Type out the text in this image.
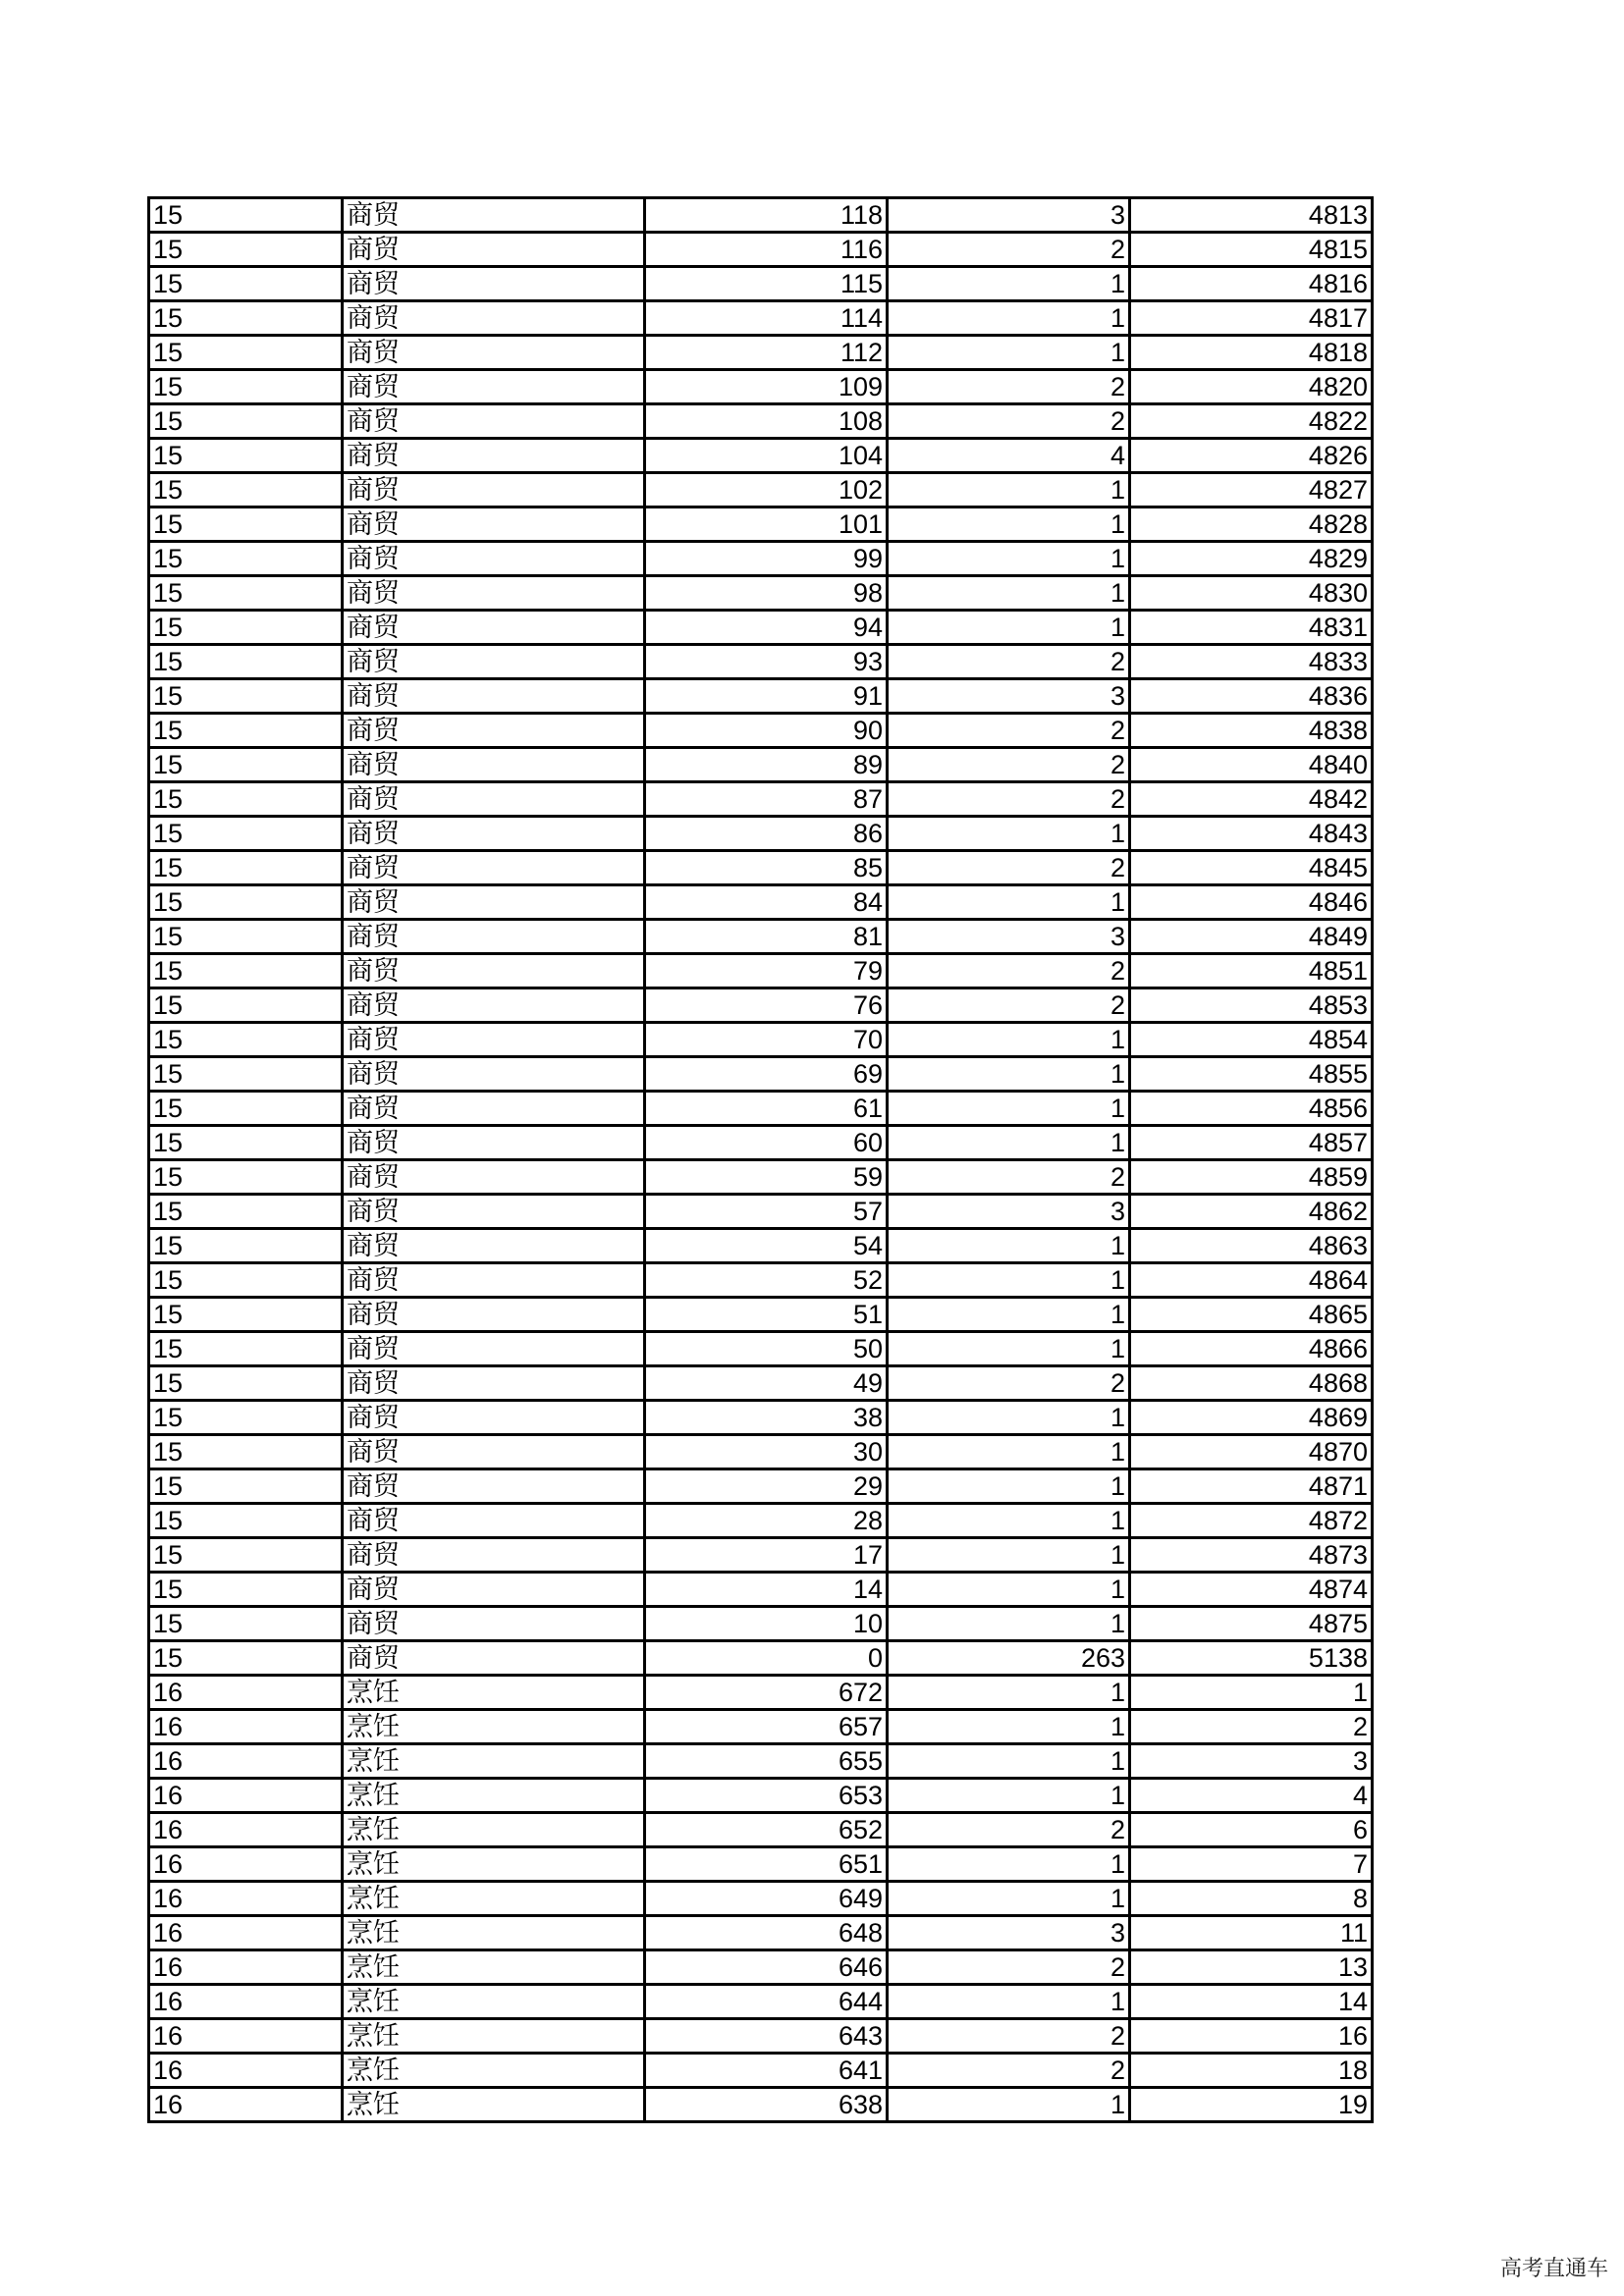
15	商贸	118	3	4813
15	商贸	116	2	4815
15	商贸	115	1	4816
15	商贸	114	1	4817
15	商贸	112	1	4818
15	商贸	109	2	4820
15	商贸	108	2	4822
15	商贸	104	4	4826
15	商贸	102	1	4827
15	商贸	101	1	4828
15	商贸	99	1	4829
15	商贸	98	1	4830
15	商贸	94	1	4831
15	商贸	93	2	4833
15	商贸	91	3	4836
15	商贸	90	2	4838
15	商贸	89	2	4840
15	商贸	87	2	4842
15	商贸	86	1	4843
15	商贸	85	2	4845
15	商贸	84	1	4846
15	商贸	81	3	4849
15	商贸	79	2	4851
15	商贸	76	2	4853
15	商贸	70	1	4854
15	商贸	69	1	4855
15	商贸	61	1	4856
15	商贸	60	1	4857
15	商贸	59	2	4859
15	商贸	57	3	4862
15	商贸	54	1	4863
15	商贸	52	1	4864
15	商贸	51	1	4865
15	商贸	50	1	4866
15	商贸	49	2	4868
15	商贸	38	1	4869
15	商贸	30	1	4870
15	商贸	29	1	4871
15	商贸	28	1	4872
15	商贸	17	1	4873
15	商贸	14	1	4874
15	商贸	10	1	4875
15	商贸	0	263	5138
16	烹饪	672	1	1
16	烹饪	657	1	2
16	烹饪	655	1	3
16	烹饪	653	1	4
16	烹饪	652	2	6
16	烹饪	651	1	7
16	烹饪	649	1	8
16	烹饪	648	3	11
16	烹饪	646	2	13
16	烹饪	644	1	14
16	烹饪	643	2	16
16	烹饪	641	2	18
16	烹饪	638	1	19
高考直通车
